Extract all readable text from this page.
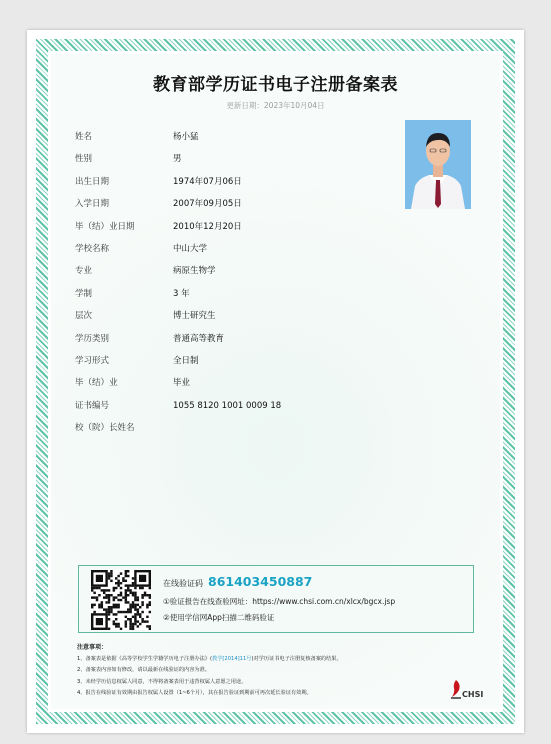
教育部学历证书电子注册备案表
更新日期：2023年10月04日
姓名	杨小猛
性别	男
出生日期	1974年07月06日
入学日期	2007年09月05日
毕（结）业日期	2010年12月20日
学校名称	中山大学
专业	病原生物学
学制	3 年
层次	博士研究生
学历类别	普通高等教育
学习形式	全日制
毕（结）业	毕业
证书编号	1055 8120 1001 0009 18
校（院）长姓名
在线验证码 861403450887
①验证报告在线查验网址：https://www.chsi.com.cn/xlcx/bgcx.jsp
②使用学信网App扫描二维码验证
注意事项：
1、备案表是依据《高等学校学生学籍学历电子注册办法》(教学[2014]11号)对学历证书电子注册复核备案的结果。
2、备案表内容如有修改，请以最新在线验证的内容为准。
3、未经学历信息权属人同意，不得将备案表用于违背权属人意愿之用途。
4、报告在线验证有效期由报告权属人设置（1~6个月），其在报告验证到期前可再次延长验证有效期。	CHSI
